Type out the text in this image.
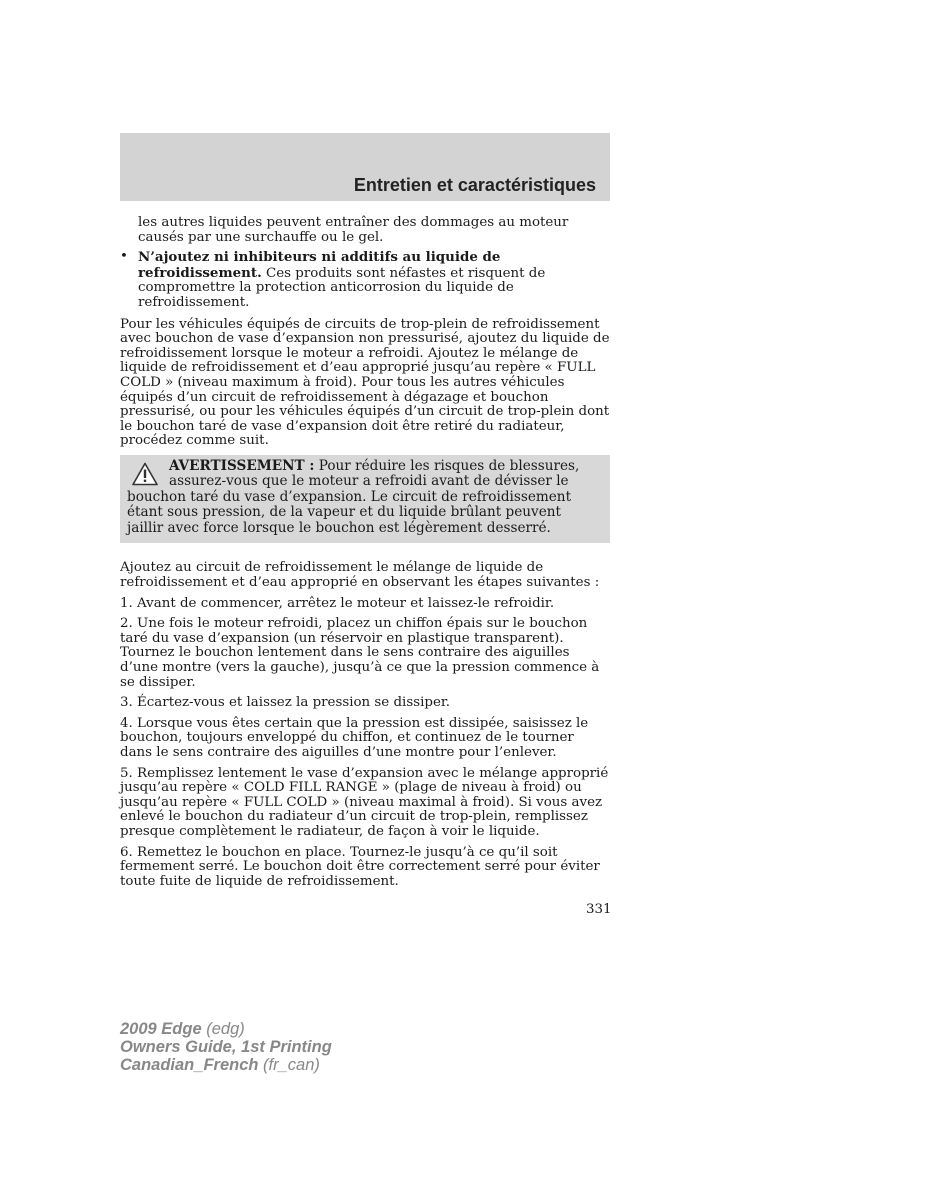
Entretien et caractéristiques

les autres liquides peuvent entraîner des dommages au moteur causés par une surchauffe ou le gel.

• N’ajoutez ni inhibiteurs ni additifs au liquide de refroidissement. Ces produits sont néfastes et risquent de compromettre la protection anticorrosion du liquide de refroidissement.

Pour les véhicules équipés de circuits de trop-plein de refroidissement avec bouchon de vase d’expansion non pressurisé, ajoutez du liquide de refroidissement lorsque le moteur a refroidi. Ajoutez le mélange de liquide de refroidissement et d’eau approprié jusqu’au repère « FULL COLD » (niveau maximum à froid). Pour tous les autres véhicules équipés d’un circuit de refroidissement à dégazage et bouchon pressurisé, ou pour les véhicules équipés d’un circuit de trop-plein dont le bouchon taré de vase d’expansion doit être retiré du radiateur, procédez comme suit.

AVERTISSEMENT : Pour réduire les risques de blessures,
assurez-vous que le moteur a refroidi avant de dévisser le
bouchon taré du vase d’expansion. Le circuit de refroidissement étant sous pression, de la vapeur et du liquide brûlant peuvent jaillir avec force lorsque le bouchon est légèrement desserré.

Ajoutez au circuit de refroidissement le mélange de liquide de refroidissement et d’eau approprié en observant les étapes suivantes :

1. Avant de commencer, arrêtez le moteur et laissez-le refroidir.

2. Une fois le moteur refroidi, placez un chiffon épais sur le bouchon taré du vase d’expansion (un réservoir en plastique transparent). Tournez le bouchon lentement dans le sens contraire des aiguilles d’une montre (vers la gauche), jusqu’à ce que la pression commence à se dissiper.

3. Écartez-vous et laissez la pression se dissiper.

4. Lorsque vous êtes certain que la pression est dissipée, saisissez le bouchon, toujours enveloppé du chiffon, et continuez de le tourner dans le sens contraire des aiguilles d’une montre pour l’enlever.

5. Remplissez lentement le vase d’expansion avec le mélange approprié jusqu’au repère « COLD FILL RANGE » (plage de niveau à froid) ou jusqu’au repère « FULL COLD » (niveau maximal à froid). Si vous avez enlevé le bouchon du radiateur d’un circuit de trop-plein, remplissez presque complètement le radiateur, de façon à voir le liquide.

6. Remettez le bouchon en place. Tournez-le jusqu’à ce qu’il soit fermement serré. Le bouchon doit être correctement serré pour éviter toute fuite de liquide de refroidissement.

331
2009 Edge (edg)
Owners Guide, 1st Printing
Canadian_French (fr_can)
